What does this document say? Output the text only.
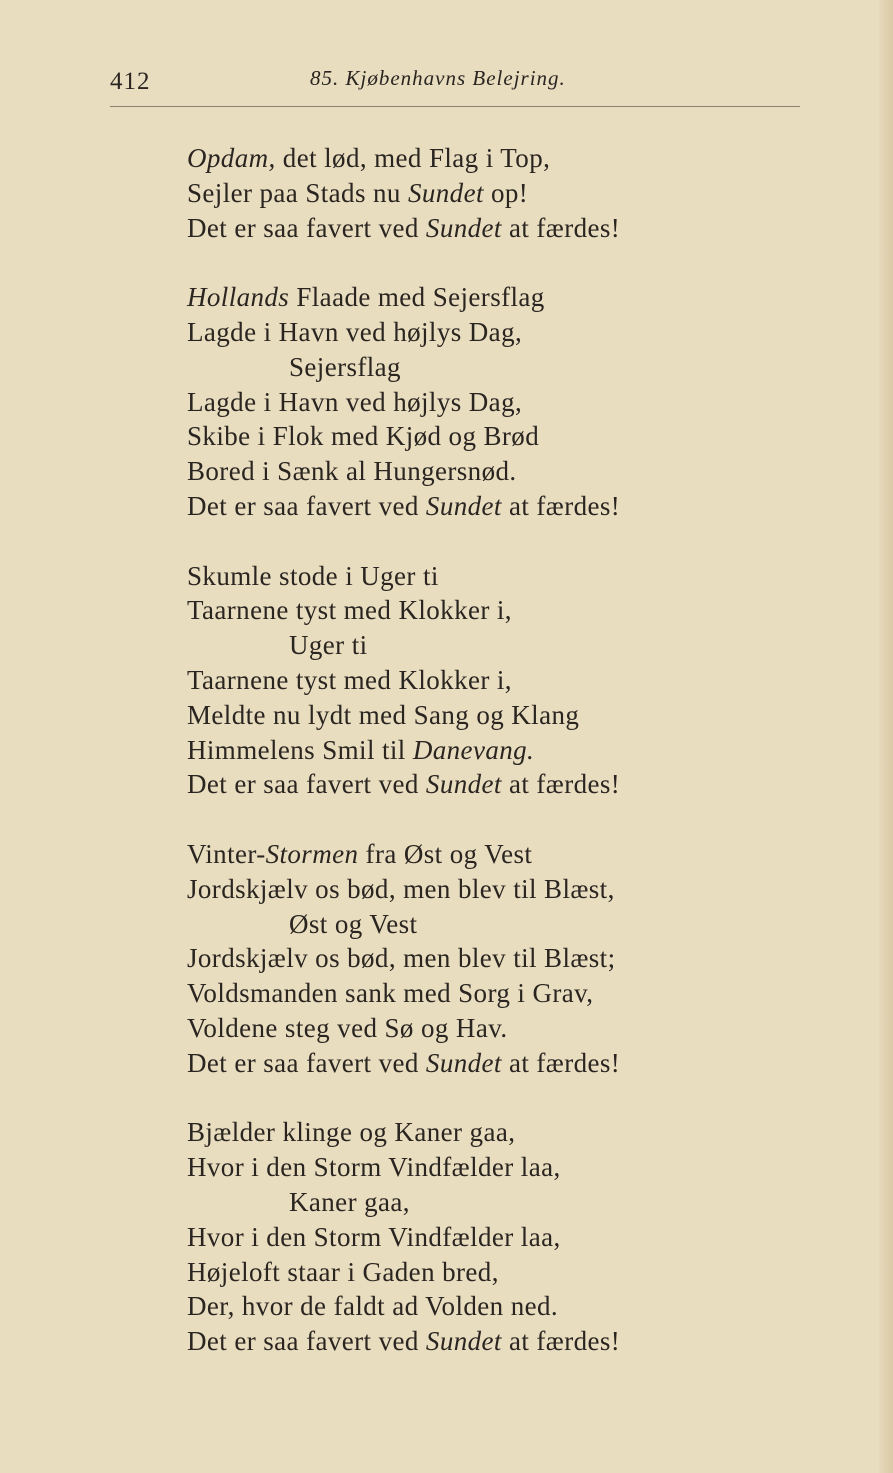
412	85. Kjøbenhavns Belejring.
Opdam, det lød, med Flag i Top,
Sejler paa Stads nu Sundet op!
Det er saa favert ved Sundet at færdes!
Hollands Flaade med Sejersflag
Lagde i Havn ved højlys Dag,
Sejersflag
Lagde i Havn ved højlys Dag,
Skibe i Flok med Kjød og Brød
Bored i Sænk al Hungersnød.
Det er saa favert ved Sundet at færdes!
Skumle stode i Uger ti
Taarnene tyst med Klokker i,
Uger ti
Taarnene tyst med Klokker i,
Meldte nu lydt med Sang og Klang
Himmelens Smil til Danevang.
Det er saa favert ved Sundet at færdes!
Vinter-Stormen fra Øst og Vest
Jordskjælv os bød, men blev til Blæst,
Øst og Vest
Jordskjælv os bød, men blev til Blæst;
Voldsmanden sank med Sorg i Grav,
Voldene steg ved Sø og Hav.
Det er saa favert ved Sundet at færdes!
Bjælder klinge og Kaner gaa,
Hvor i den Storm Vindfælder laa,
Kaner gaa,
Hvor i den Storm Vindfælder laa,
Højeloft staar i Gaden bred,
Der, hvor de faldt ad Volden ned.
Det er saa favert ved Sundet at færdes!
